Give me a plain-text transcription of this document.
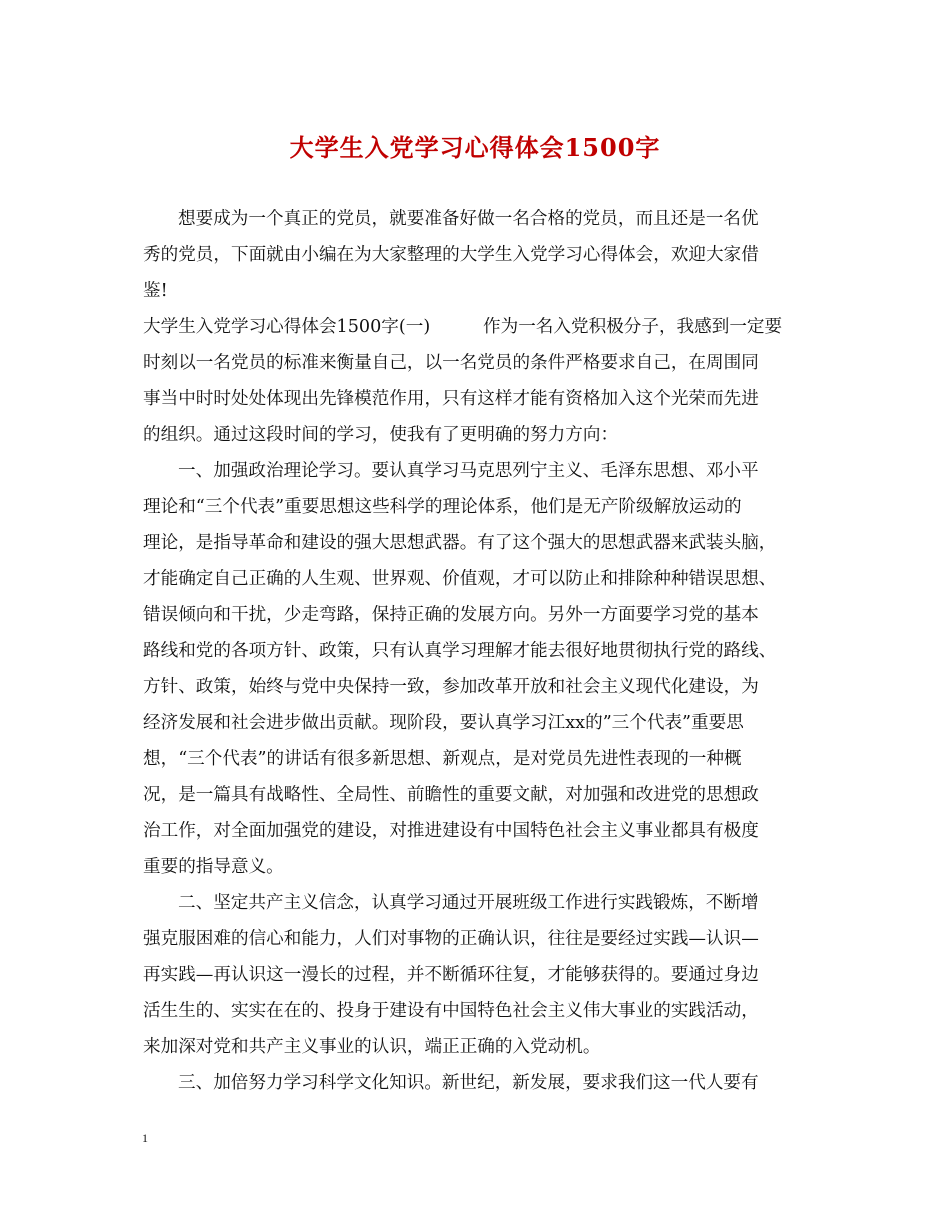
大学生入党学习心得体会1500字
想要成为一个真正的党员，就要准备好做一名合格的党员，而且还是一名优
秀的党员，下面就由小编在为大家整理的大学生入党学习心得体会，欢迎大家借
鉴!
大学生入党学习心得体会1500字(一)　　　作为一名入党积极分子，我感到一定要
时刻以一名党员的标准来衡量自己，以一名党员的条件严格要求自己，在周围同
事当中时时处处体现出先锋模范作用，只有这样才能有资格加入这个光荣而先进
的组织。通过这段时间的学习，使我有了更明确的努力方向：
一、加强政治理论学习。要认真学习马克思列宁主义、毛泽东思想、邓小平
理论和“三个代表”重要思想这些科学的理论体系，他们是无产阶级解放运动的
理论，是指导革命和建设的强大思想武器。有了这个强大的思想武器来武装头脑，
才能确定自己正确的人生观、世界观、价值观，才可以防止和排除种种错误思想、
错误倾向和干扰，少走弯路，保持正确的发展方向。另外一方面要学习党的基本
路线和党的各项方针、政策，只有认真学习理解才能去很好地贯彻执行党的路线、
方针、政策，始终与党中央保持一致，参加改革开放和社会主义现代化建设，为
经济发展和社会进步做出贡献。现阶段，要认真学习江xx的”三个代表”重要思
想，“三个代表”的讲话有很多新思想、新观点，是对党员先进性表现的一种概
况，是一篇具有战略性、全局性、前瞻性的重要文献，对加强和改进党的思想政
治工作，对全面加强党的建设，对推进建设有中国特色社会主义事业都具有极度
重要的指导意义。
二、坚定共产主义信念，认真学习通过开展班级工作进行实践锻炼，不断增
强克服困难的信心和能力，人们对事物的正确认识，往往是要经过实践—认识—
再实践—再认识这一漫长的过程，并不断循环往复，才能够获得的。要通过身边
活生生的、实实在在的、投身于建设有中国特色社会主义伟大事业的实践活动，
来加深对党和共产主义事业的认识，端正正确的入党动机。
三、加倍努力学习科学文化知识。新世纪，新发展，要求我们这一代人要有
1
